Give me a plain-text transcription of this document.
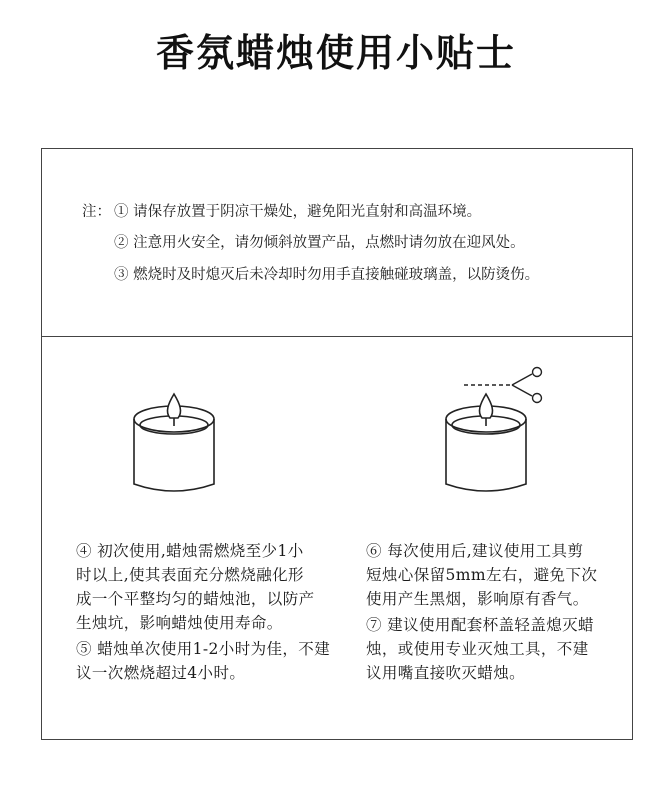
香氛蜡烛使用小贴士
注： ① 请保存放置于阴凉干燥处，避免阳光直射和高温环境。
② 注意用火安全，请勿倾斜放置产品，点燃时请勿放在迎风处。
③ 燃烧时及时熄灭后未冷却时勿用手直接触碰玻璃盖，以防烫伤。

④ 初次使用,蜡烛需燃烧至少1小

时以上,使其表面充分燃烧融化形

成一个平整均匀的蜡烛池，以防产

生烛坑，影响蜡烛使用寿命。

⑤ 蜡烛单次使用1-2小时为佳，不建

议一次燃烧超过4小时。

⑥ 每次使用后,建议使用工具剪

短烛心保留5mm左右，避免下次

使用产生黑烟，影响原有香气。

⑦ 建议使用配套杯盖轻盖熄灭蜡

烛，或使用专业灭烛工具，不建

议用嘴直接吹灭蜡烛。
